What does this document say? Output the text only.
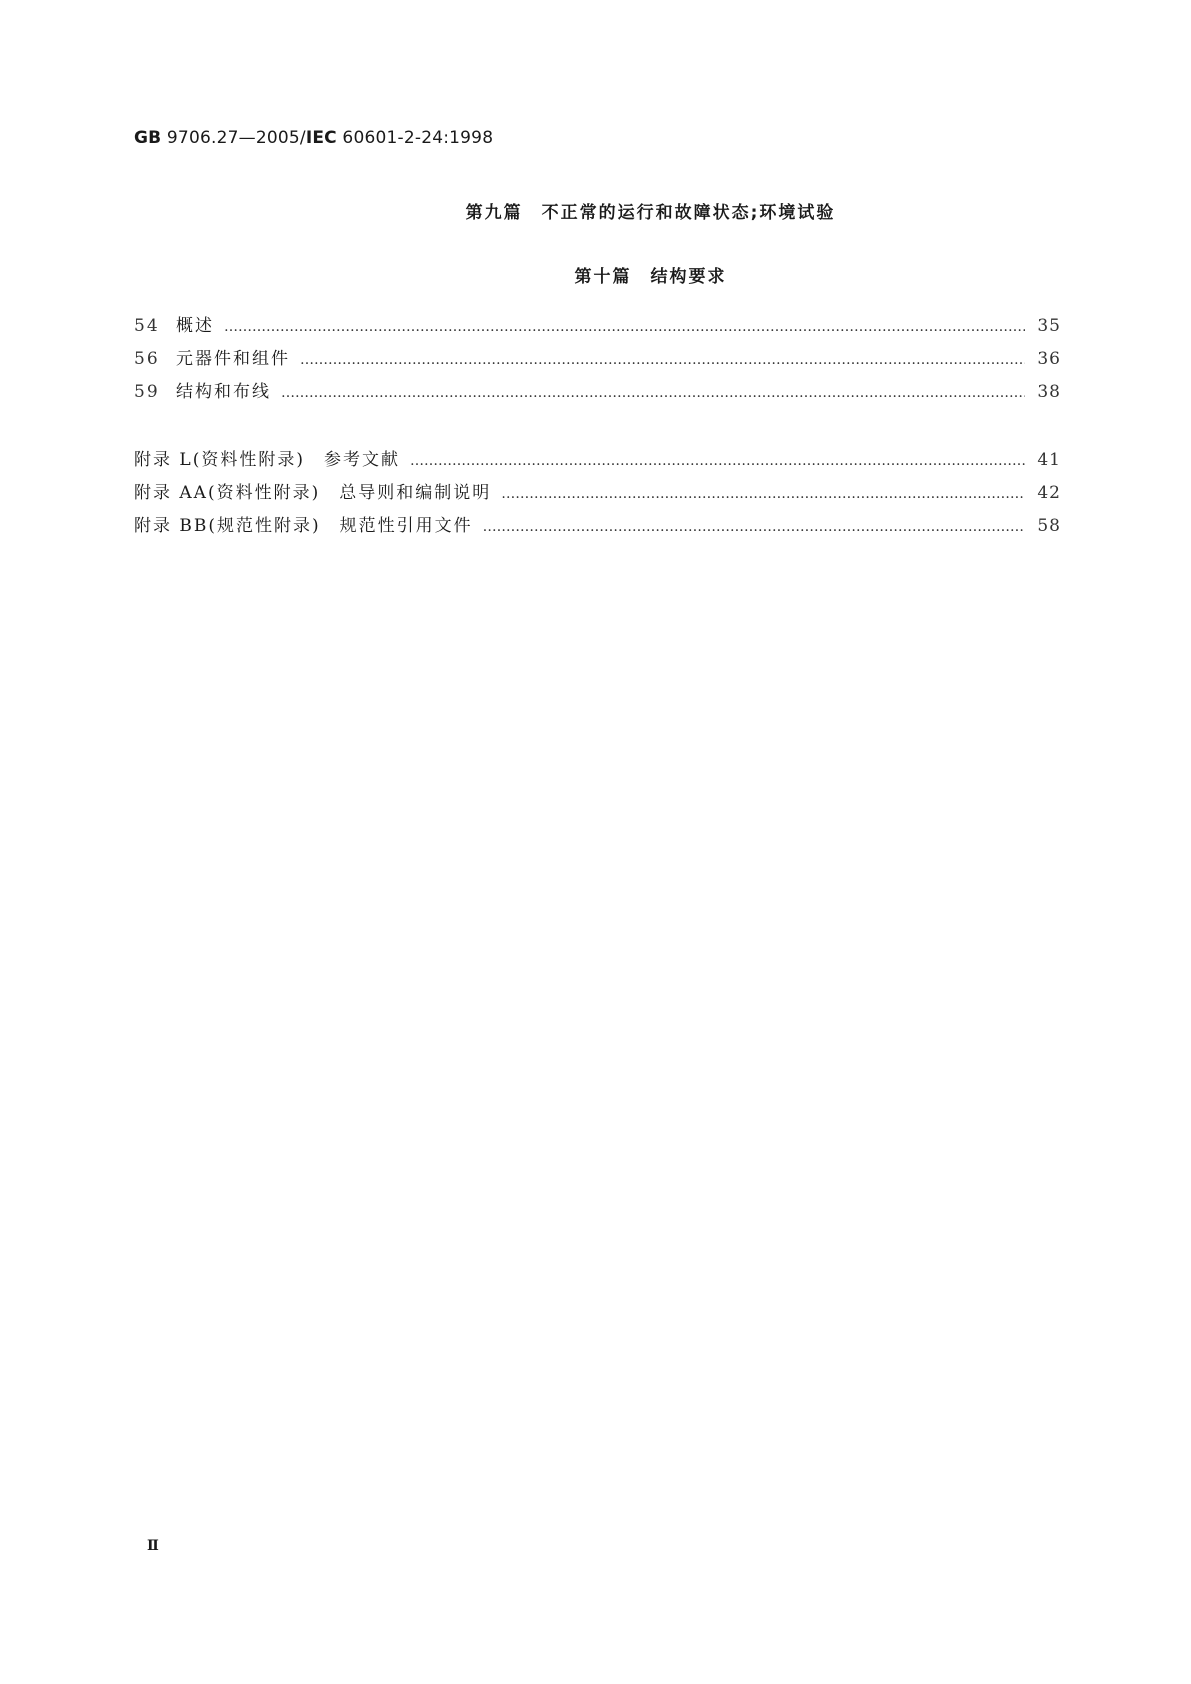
GB 9706.27—2005/IEC 60601-2-24:1998
第九篇　不正常的运行和故障状态;环境试验
第十篇　结构要求
54 概述 ………………………………………………………………………………………………………………………………………………………………………………………………………………………………	35
56 元器件和组件 ………………………………………………………………………………………………………………………………………………………………………………………………………………………………	36
59 结构和布线 ………………………………………………………………………………………………………………………………………………………………………………………………………………………………	38
附录 L(资料性附录)　参考文献 ………………………………………………………………………………………………………………………………………………………………………………………………………………………………	41
附录 AA(资料性附录)　总导则和编制说明 ………………………………………………………………………………………………………………………………………………………………………………………………………………………………	42
附录 BB(规范性附录)　规范性引用文件 ………………………………………………………………………………………………………………………………………………………………………………………………………………………………	58
Ⅱ
